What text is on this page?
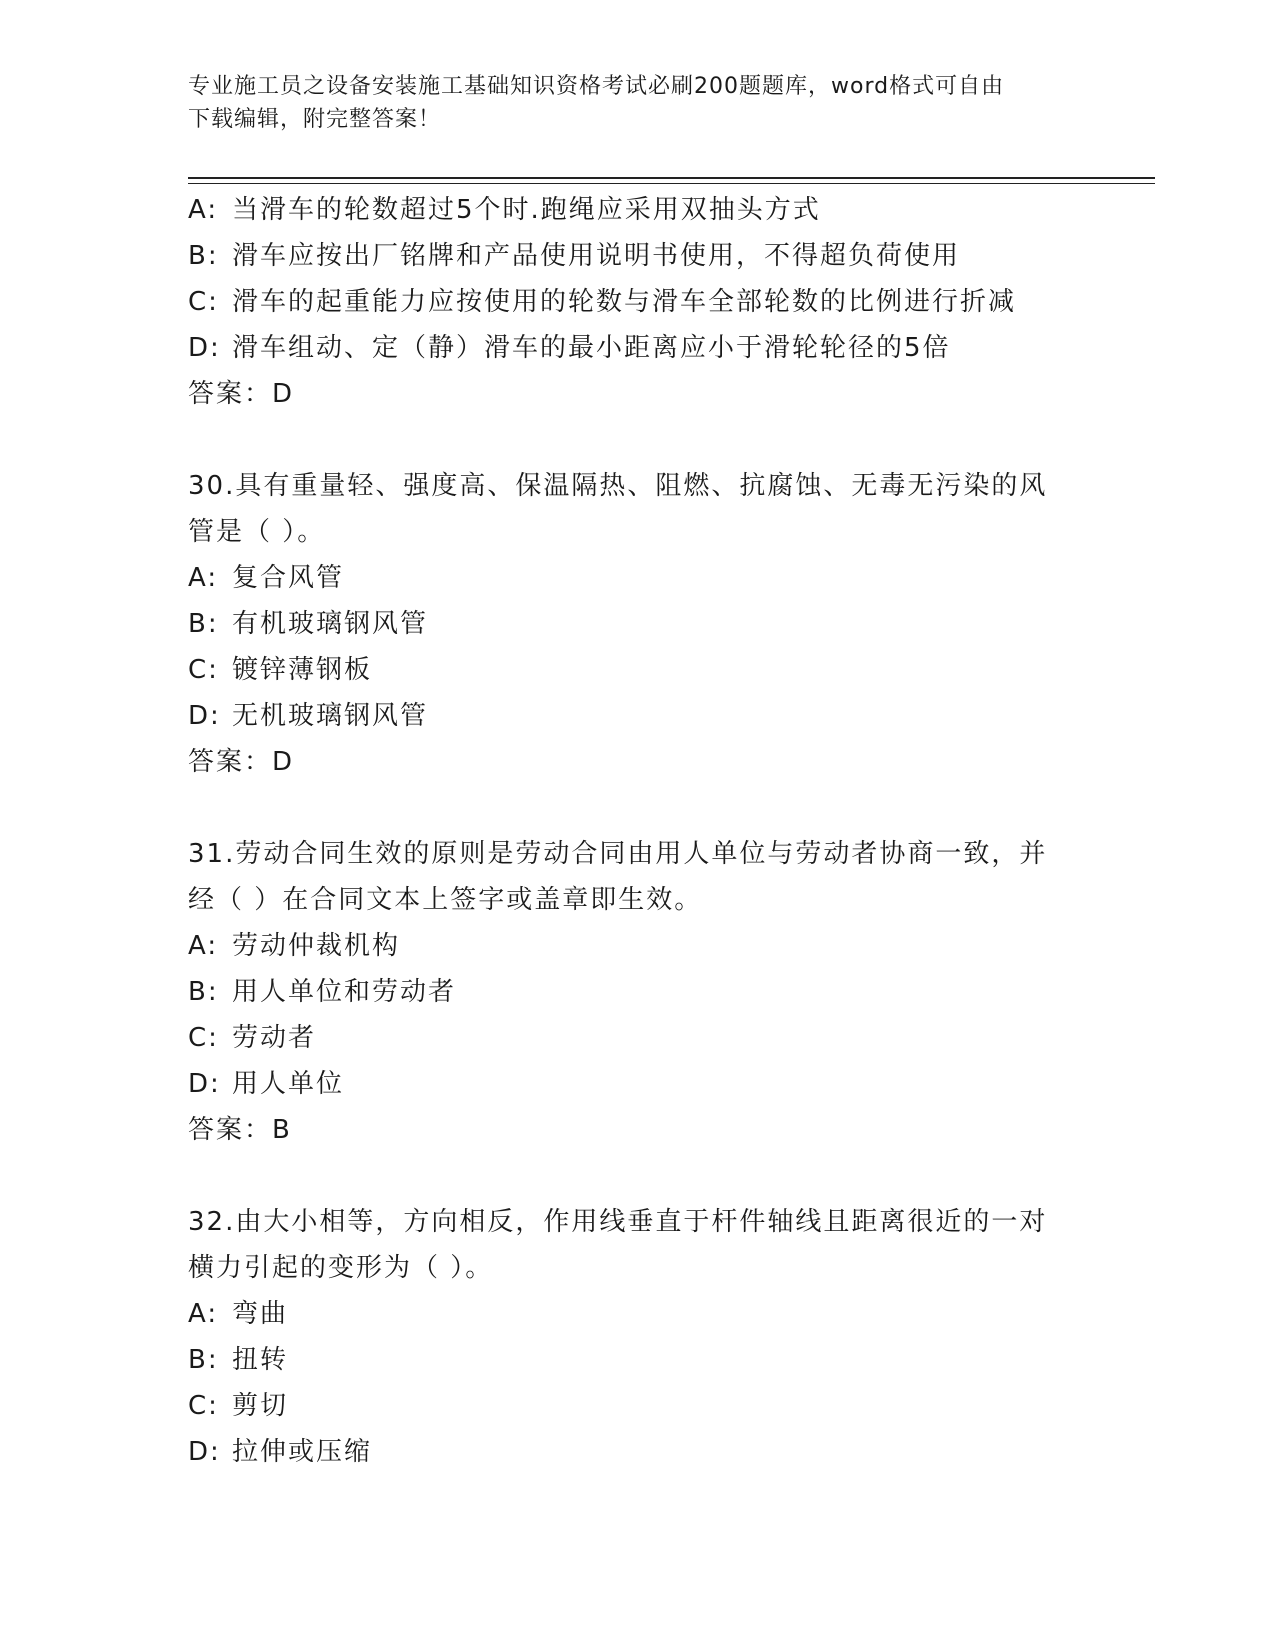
专业施工员之设备安装施工基础知识资格考试必刷200题题库，word格式可自由
下载编辑，附完整答案！
A: 当滑车的轮数超过5个时.跑绳应采用双抽头方式
B: 滑车应按出厂铭牌和产品使用说明书使用，不得超负荷使用
C: 滑车的起重能力应按使用的轮数与滑车全部轮数的比例进行折减
D: 滑车组动、定（静）滑车的最小距离应小于滑轮轮径的5倍
答案：D
30.具有重量轻、强度高、保温隔热、阻燃、抗腐蚀、无毒无污染的风
管是（ ）。
A: 复合风管
B: 有机玻璃钢风管
C: 镀锌薄钢板
D: 无机玻璃钢风管
答案：D
31.劳动合同生效的原则是劳动合同由用人单位与劳动者协商一致，并
经（ ）在合同文本上签字或盖章即生效。
A: 劳动仲裁机构
B: 用人单位和劳动者
C: 劳动者
D: 用人单位
答案：B
32.由大小相等，方向相反，作用线垂直于杆件轴线且距离很近的一对
横力引起的变形为（ ）。
A: 弯曲
B: 扭转
C: 剪切
D: 拉伸或压缩
